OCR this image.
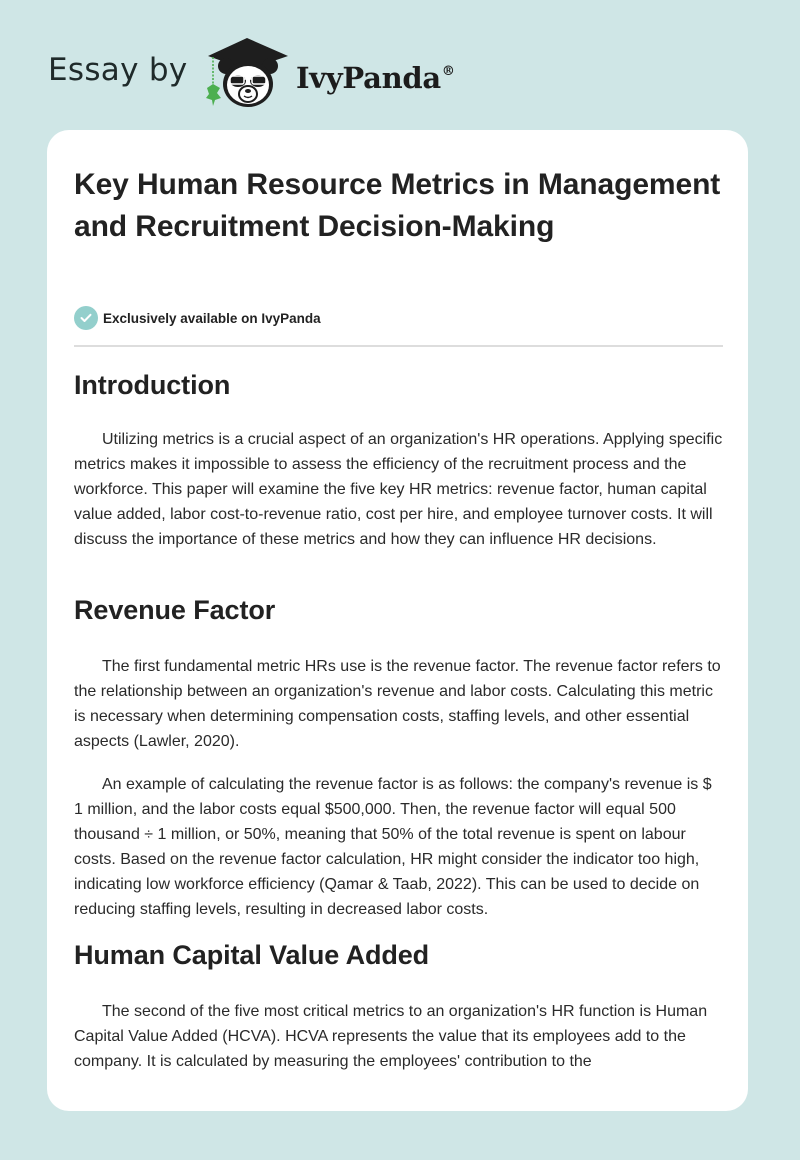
Essay by	IvyPanda®
Key Human Resource Metrics in Management and Recruitment Decision-Making
Exclusively available on IvyPanda
Introduction

Utilizing metrics is a crucial aspect of an organization's HR operations. Applying specific metrics makes it impossible to assess the efficiency of the recruitment process and the workforce. This paper will examine the five key HR metrics: revenue factor, human capital value added, labor cost-to-revenue ratio, cost per hire, and employee turnover costs. It will discuss the importance of these metrics and how they can influence HR decisions.

Revenue Factor

The first fundamental metric HRs use is the revenue factor. The revenue factor refers to the relationship between an organization's revenue and labor costs. Calculating this metric is necessary when determining compensation costs, staffing levels, and other essential aspects (Lawler, 2020).

An example of calculating the revenue factor is as follows: the company's revenue is $ 1 million, and the labor costs equal $500,000. Then, the revenue factor will equal 500 thousand ÷ 1 million, or 50%, meaning that 50% of the total revenue is spent on labour costs. Based on the revenue factor calculation, HR might consider the indicator too high, indicating low workforce efficiency (Qamar & Taab, 2022). This can be used to decide on reducing staffing levels, resulting in decreased labor costs.

Human Capital Value Added

The second of the five most critical metrics to an organization's HR function is Human Capital Value Added (HCVA). HCVA represents the value that its employees add to the company. It is calculated by measuring the employees' contribution to the
